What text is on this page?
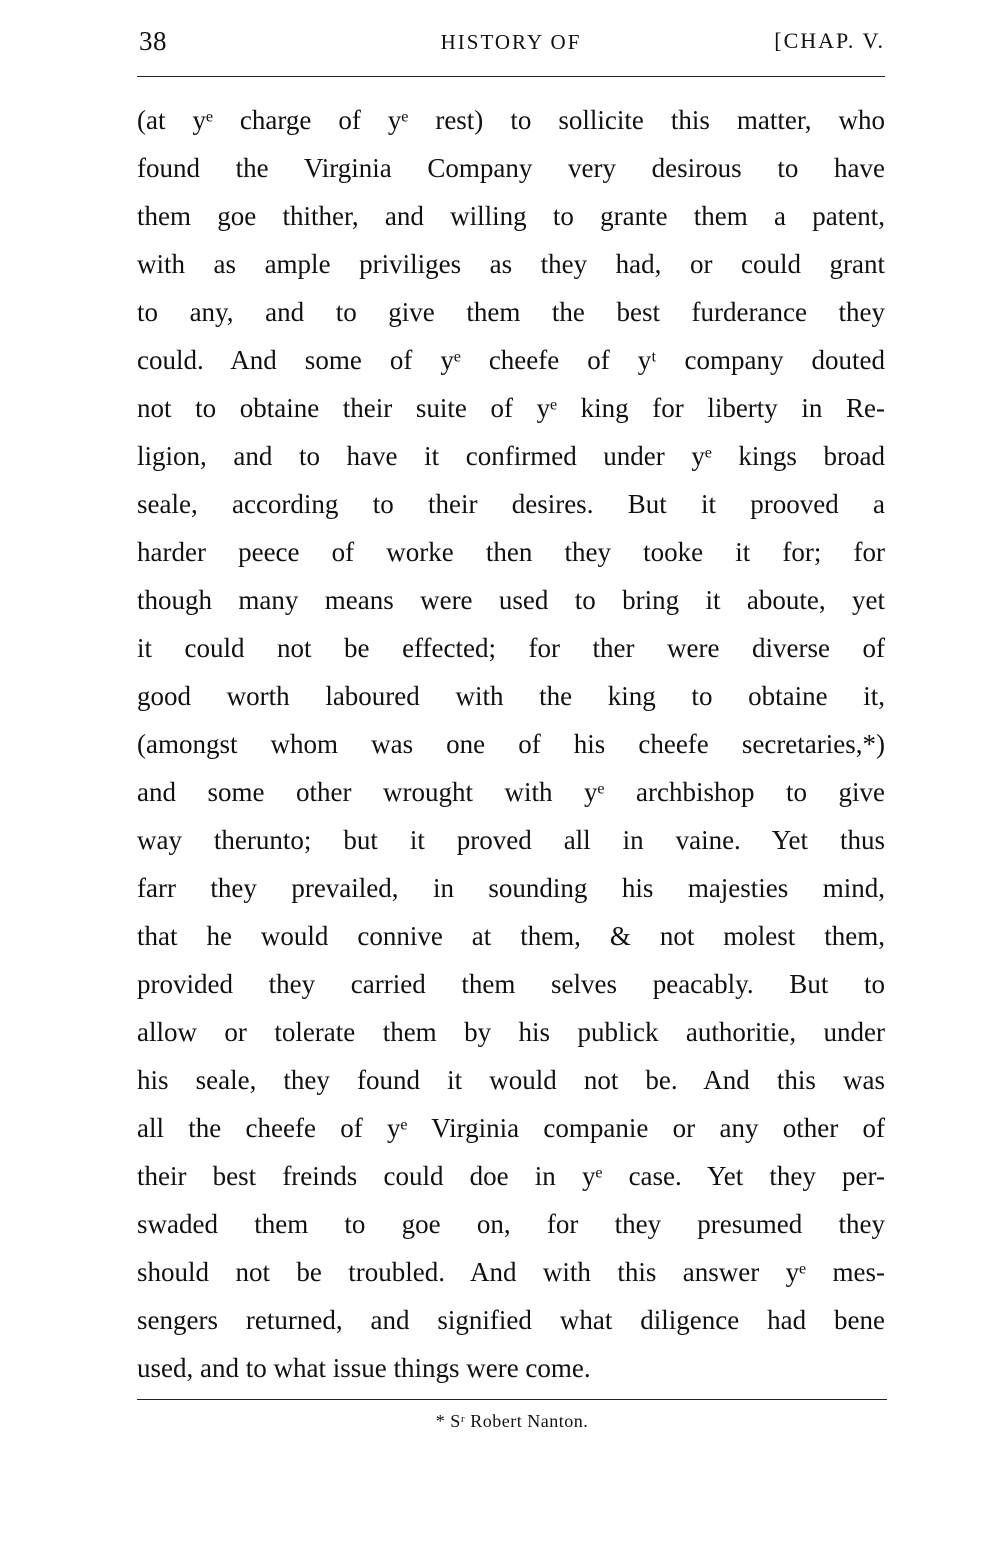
38	HISTORY OF	[CHAP. V.
(at yᵉ charge of yᵉ rest) to sollicite this matter, who
found the Virginia Company very desirous to have
them goe thither, and willing to grante them a patent,
with as ample priviliges as they had, or could grant
to any, and to give them the best furderance they
could. And some of yᵉ cheefe of yᵗ company douted
not to obtaine their suite of yᵉ king for liberty in Re-
ligion, and to have it confirmed under yᵉ kings broad
seale, according to their desires. But it prooved a
harder peece of worke then they tooke it for; for
though many means were used to bring it aboute, yet
it could not be effected; for ther were diverse of
good worth laboured with the king to obtaine it,
(amongst whom was one of his cheefe secretaries,*)
and some other wrought with yᵉ archbishop to give
way therunto; but it proved all in vaine. Yet thus
farr they prevailed, in sounding his majesties mind,
that he would connive at them, & not molest them,
provided they carried them selves peacably. But to
allow or tolerate them by his publick authoritie, under
his seale, they found it would not be. And this was
all the cheefe of yᵉ Virginia companie or any other of
their best freinds could doe in yᵉ case. Yet they per-
swaded them to goe on, for they presumed they
should not be troubled. And with this answer yᵉ mes-
sengers returned, and signified what diligence had bene
used, and to what issue things were come.
* Sʳ Robert Nanton.
